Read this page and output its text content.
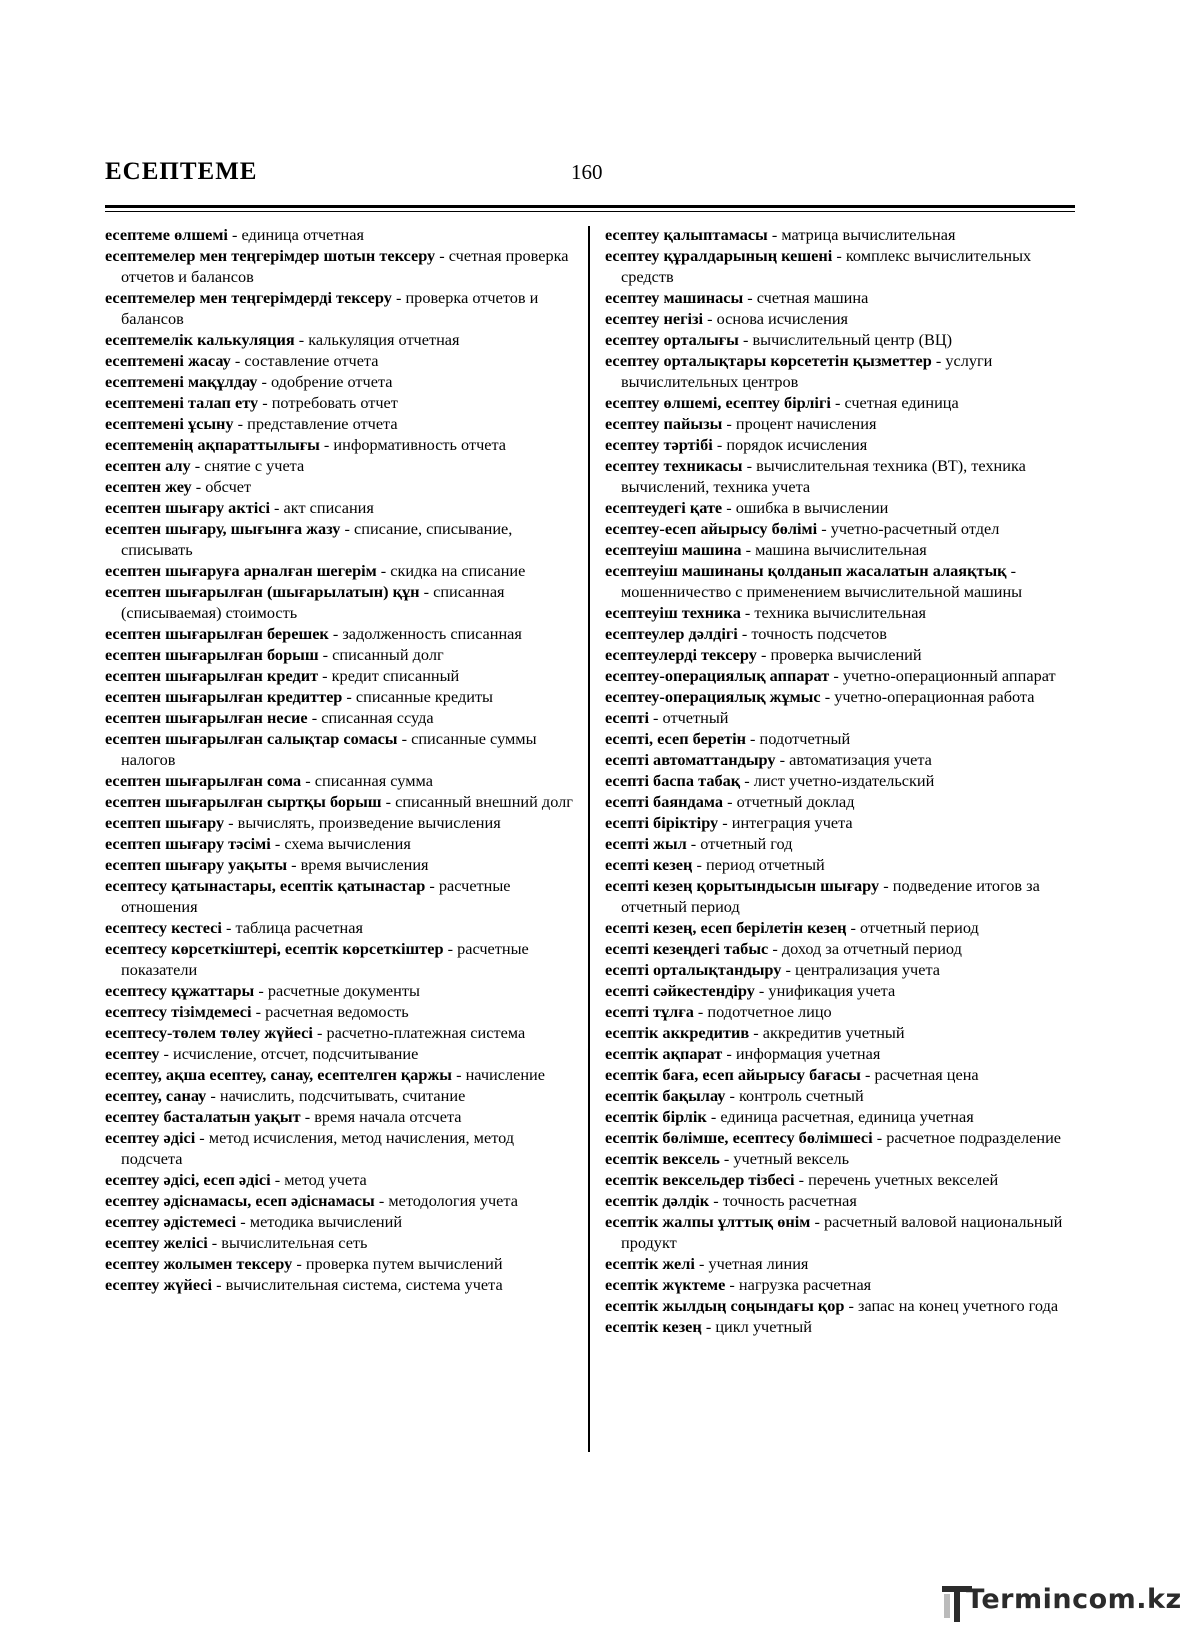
ЕСЕПТЕМЕ	160

есептеме өлшемі - единица отчетная

есептемелер мен теңгерімдер шотын тексеру - счетная проверка отчетов и балансов

есептемелер мен теңгерімдерді тексеру - проверка отчетов и балансов

есептемелік калькуляция - калькуляция отчетная

есептемені жасау - составление отчета

есептемені мақұлдау - одобрение отчета

есептемені талап ету - потребовать отчет

есептемені ұсыну - представление отчета

есептеменің ақпараттылығы - информативность отчета

есептен алу - снятие с учета

есептен жеу - обсчет

есептен шығару актісі - акт списания

есептен шығару, шығынға жазу - списание, списывание, списывать

есептен шығаруға арналған шегерім - скидка на списание

есептен шығарылған (шығарылатын) құн - списанная (списываемая) стоимость

есептен шығарылған берешек - задолженность списанная

есептен шығарылған борыш - списанный долг

есептен шығарылған кредит - кредит списанный

есептен шығарылған кредиттер - списанные кредиты

есептен шығарылған несие - списанная ссуда

есептен шығарылған салықтар сомасы - списанные суммы налогов

есептен шығарылған сома - списанная сумма

есептен шығарылған сыртқы борыш - списанный внешний долг

есептеп шығару - вычислять, произведение вычисления

есептеп шығару тәсімі - схема вычисления

есептеп шығару уақыты - время вычисления

есептесу қатынастары, есептік қатынастар - расчетные отношения

есептесу кестесі - таблица расчетная

есептесу көрсеткіштері, есептік көрсеткіштер - расчетные показатели

есептесу құжаттары - расчетные документы

есептесу тізімдемесі - расчетная ведомость

есептесу-төлем төлеу жүйесі - расчетно-платежная система

есептеу - исчисление, отсчет, подсчитывание

есептеу, ақша есептеу, санау, есептелген қаржы - начисление

есептеу, санау - начислить, подсчитывать, считание

есептеу басталатын уақыт - время начала отсчета

есептеу әдісі - метод исчисления, метод начисления, метод подсчета

есептеу әдісі, есеп әдісі - метод учета

есептеу әдіснамасы, есеп әдіснамасы - методология учета

есептеу әдістемесі - методика вычислений

есептеу желісі - вычислительная сеть

есептеу жолымен тексеру - проверка путем вычислений

есептеу жүйесі - вычислительная система, система учета

есептеу қалыптамасы - матрица вычислительная

есептеу құралдарының кешені - комплекс вычислительных средств

есептеу машинасы - счетная машина

есептеу негізі - основа исчисления

есептеу орталығы - вычислительный центр (ВЦ)

есептеу орталықтары көрсететін қызметтер - услуги вычислительных центров

есептеу өлшемі, есептеу бірлігі - счетная единица

есептеу пайызы - процент начисления

есептеу тәртібі - порядок исчисления

есептеу техникасы - вычислительная техника (ВТ), техника вычислений, техника учета

есептеудегі қате - ошибка в вычислении

есептеу-есеп айырысу бөлімі - учетно-расчетный отдел

есептеуіш машина - машина вычислительная

есептеуіш машинаны қолданып жасалатын алаяқтық - мошенничество с применением вычислительной машины

есептеуіш техника - техника вычислительная

есептеулер дәлдігі - точность подсчетов

есептеулерді тексеру - проверка вычислений

есептеу-операциялық аппарат - учетно-операционный аппарат

есептеу-операциялық жұмыс - учетно-операционная работа

есепті - отчетный

есепті, есеп беретін - подотчетный

есепті автоматтандыру - автоматизация учета

есепті баспа табақ - лист учетно-издательский

есепті баяндама - отчетный доклад

есепті біріктіру - интеграция учета

есепті жыл - отчетный год

есепті кезең - период отчетный

есепті кезең қорытындысын шығару - подведение итогов за отчетный период

есепті кезең, есеп берілетін кезең - отчетный период

есепті кезеңдегі табыс - доход за отчетный период

есепті орталықтандыру - централизация учета

есепті сәйкестендіру - унификация учета

есепті тұлға - подотчетное лицо

есептік аккредитив - аккредитив учетный

есептік ақпарат - информация учетная

есептік баға, есеп айырысу бағасы - расчетная цена

есептік бақылау - контроль счетный

есептік бірлік - единица расчетная, единица учетная

есептік бөлімше, есептесу бөлімшесі - расчетное подразделение

есептік вексель - учетный вексель

есептік вексельдер тізбесі - перечень учетных векселей

есептік дәлдік - точность расчетная

есептік жалпы ұлттық өнім - расчетный валовой национальный продукт

есептік желі - учетная линия

есептік жүктеме - нагрузка расчетная

есептік жылдың соңындағы қор - запас на конец учетного года

есептік кезең - цикл учетный

Termincom.kz
